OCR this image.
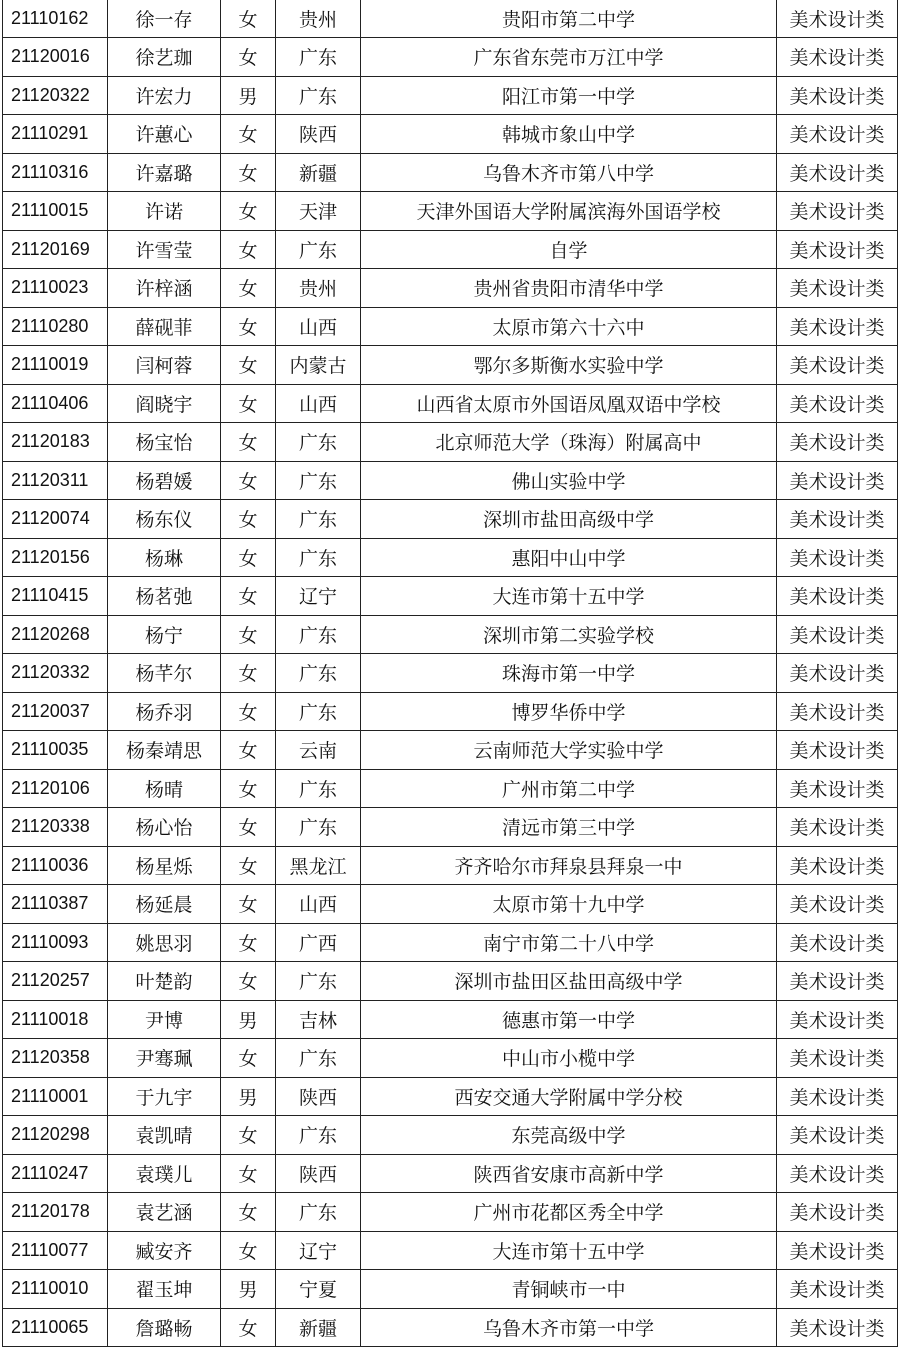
21110162	徐一存	女	贵州	贵阳市第二中学	美术设计类
21120016	徐艺珈	女	广东	广东省东莞市万江中学	美术设计类
21120322	许宏力	男	广东	阳江市第一中学	美术设计类
21110291	许蕙心	女	陕西	韩城市象山中学	美术设计类
21110316	许嘉璐	女	新疆	乌鲁木齐市第八中学	美术设计类
21110015	许诺	女	天津	天津外国语大学附属滨海外国语学校	美术设计类
21120169	许雪莹	女	广东	自学	美术设计类
21110023	许梓涵	女	贵州	贵州省贵阳市清华中学	美术设计类
21110280	薛砚菲	女	山西	太原市第六十六中	美术设计类
21110019	闫柯蓉	女	内蒙古	鄂尔多斯衡水实验中学	美术设计类
21110406	阎晓宇	女	山西	山西省太原市外国语凤凰双语中学校	美术设计类
21120183	杨宝怡	女	广东	北京师范大学（珠海）附属高中	美术设计类
21120311	杨碧媛	女	广东	佛山实验中学	美术设计类
21120074	杨东仪	女	广东	深圳市盐田高级中学	美术设计类
21120156	杨琳	女	广东	惠阳中山中学	美术设计类
21110415	杨茗弛	女	辽宁	大连市第十五中学	美术设计类
21120268	杨宁	女	广东	深圳市第二实验学校	美术设计类
21120332	杨芊尔	女	广东	珠海市第一中学	美术设计类
21120037	杨乔羽	女	广东	博罗华侨中学	美术设计类
21110035	杨秦靖思	女	云南	云南师范大学实验中学	美术设计类
21120106	杨晴	女	广东	广州市第二中学	美术设计类
21120338	杨心怡	女	广东	清远市第三中学	美术设计类
21110036	杨星烁	女	黑龙江	齐齐哈尔市拜泉县拜泉一中	美术设计类
21110387	杨延晨	女	山西	太原市第十九中学	美术设计类
21110093	姚思羽	女	广西	南宁市第二十八中学	美术设计类
21120257	叶楚韵	女	广东	深圳市盐田区盐田高级中学	美术设计类
21110018	尹博	男	吉林	德惠市第一中学	美术设计类
21120358	尹骞珮	女	广东	中山市小榄中学	美术设计类
21110001	于九宇	男	陕西	西安交通大学附属中学分校	美术设计类
21120298	袁凯晴	女	广东	东莞高级中学	美术设计类
21110247	袁璞儿	女	陕西	陕西省安康市高新中学	美术设计类
21120178	袁艺涵	女	广东	广州市花都区秀全中学	美术设计类
21110077	臧安齐	女	辽宁	大连市第十五中学	美术设计类
21110010	翟玉坤	男	宁夏	青铜峡市一中	美术设计类
21110065	詹璐畅	女	新疆	乌鲁木齐市第一中学	美术设计类
